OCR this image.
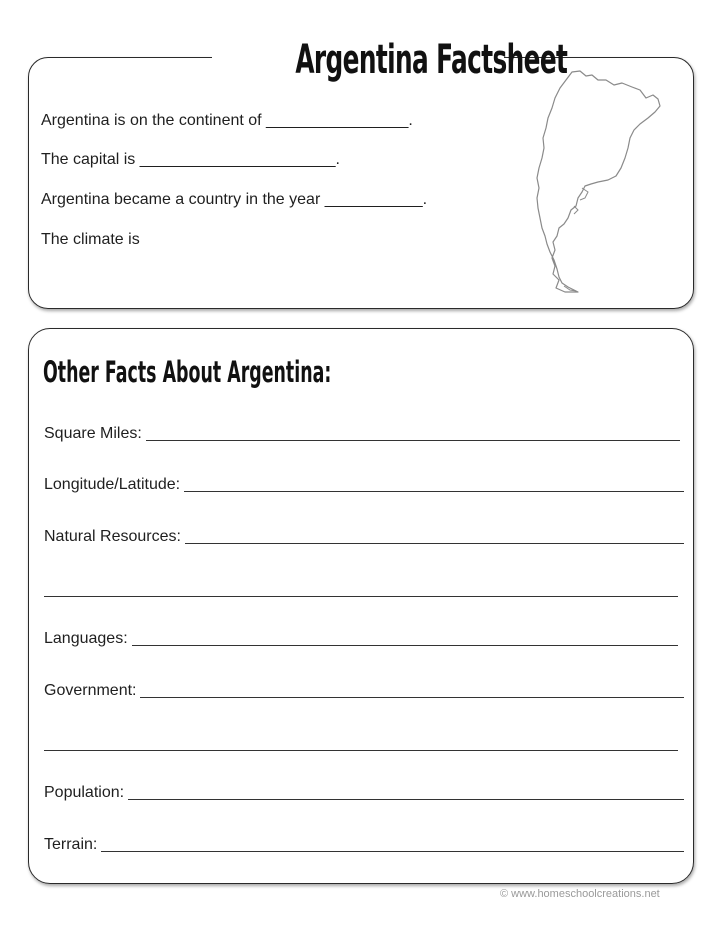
Argentina Factsheet
Argentina is on the continent of ________________.
The capital is ______________________.
Argentina became a country in the year ___________.
The climate is
Other Facts About Argentina:
Square Miles:
Longitude/Latitude:
Natural Resources:
Languages:
Government:
Population:
Terrain:
© www.homeschoolcreations.net
